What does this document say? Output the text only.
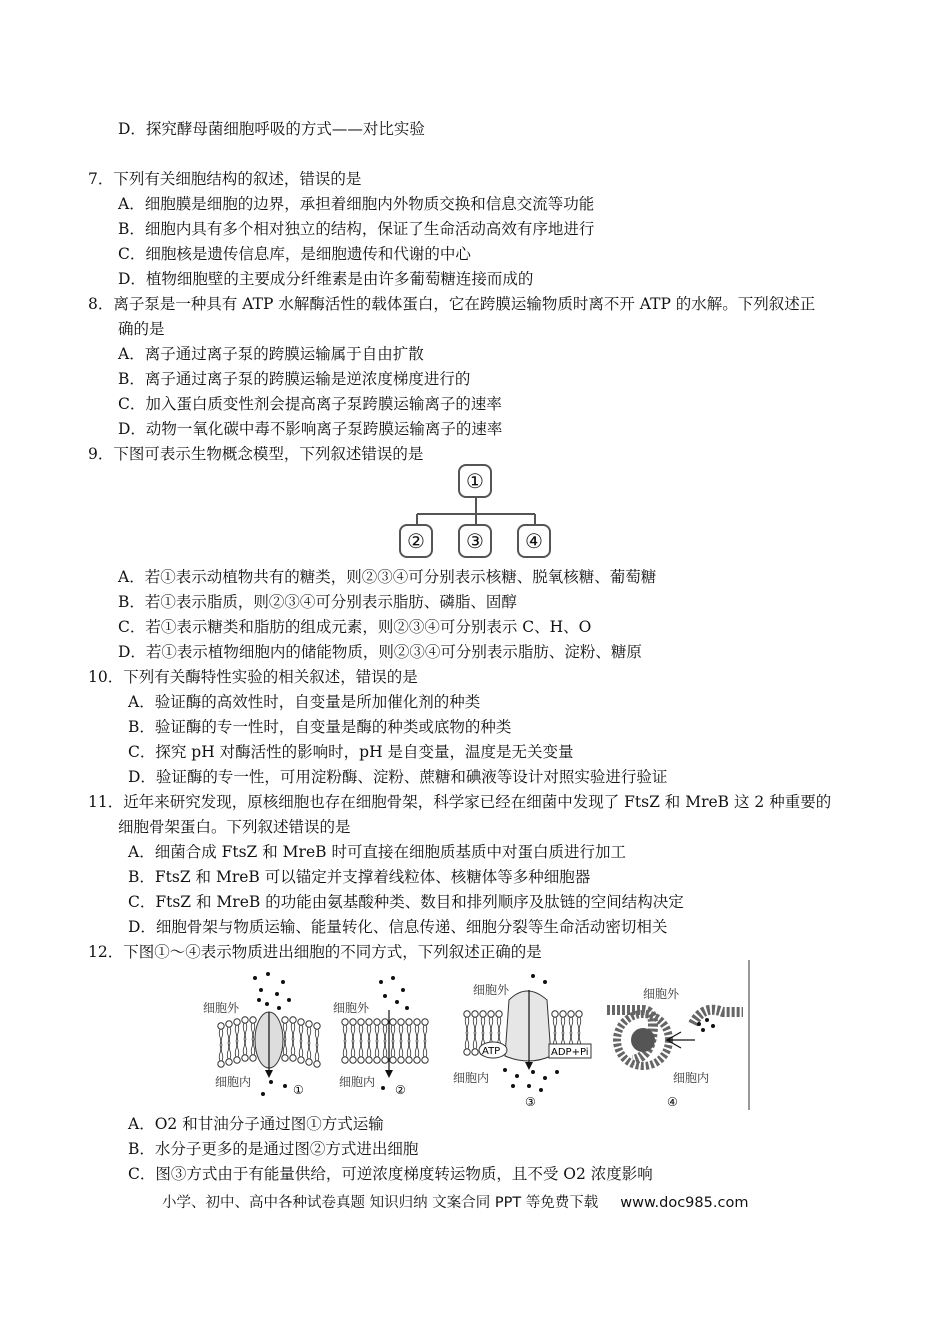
D．探究酵母菌细胞呼吸的方式——对比实验
7．下列有关细胞结构的叙述，错误的是
A．细胞膜是细胞的边界，承担着细胞内外物质交换和信息交流等功能
B．细胞内具有多个相对独立的结构，保证了生命活动高效有序地进行
C．细胞核是遗传信息库，是细胞遗传和代谢的中心
D．植物细胞壁的主要成分纤维素是由许多葡萄糖连接而成的
8．离子泵是一种具有 ATP 水解酶活性的载体蛋白，它在跨膜运输物质时离不开 ATP 的水解。下列叙述正
确的是
A．离子通过离子泵的跨膜运输属于自由扩散
B．离子通过离子泵的跨膜运输是逆浓度梯度进行的
C．加入蛋白质变性剂会提高离子泵跨膜运输离子的速率
D．动物一氧化碳中毒不影响离子泵跨膜运输离子的速率
9．下图可表示生物概念模型，下列叙述错误的是
①
②	③	④
A．若①表示动植物共有的糖类，则②③④可分别表示核糖、脱氧核糖、葡萄糖
B．若①表示脂质，则②③④可分别表示脂肪、磷脂、固醇
C．若①表示糖类和脂肪的组成元素，则②③④可分别表示 C、H、O
D．若①表示植物细胞内的储能物质，则②③④可分别表示脂肪、淀粉、糖原
10．下列有关酶特性实验的相关叙述，错误的是
A．验证酶的高效性时，自变量是所加催化剂的种类
B．验证酶的专一性时，自变量是酶的种类或底物的种类
C．探究 pH 对酶活性的影响时，pH 是自变量，温度是无关变量
D．验证酶的专一性，可用淀粉酶、淀粉、蔗糖和碘液等设计对照实验进行验证
11．近年来研究发现，原核细胞也存在细胞骨架，科学家已经在细菌中发现了 FtsZ 和 MreB 这 2 种重要的
细胞骨架蛋白。下列叙述错误的是
A．细菌合成 FtsZ 和 MreB 时可直接在细胞质基质中对蛋白质进行加工
B．FtsZ 和 MreB 可以锚定并支撑着线粒体、核糖体等多种细胞器
C．FtsZ 和 MreB 的功能由氨基酸种类、数目和排列顺序及肽链的空间结构决定
D．细胞骨架与物质运输、能量转化、信息传递、细胞分裂等生命活动密切相关
12．下图①～④表示物质进出细胞的不同方式，下列叙述正确的是
细胞外
细胞内
①
细胞外
细胞内
②
细胞外
细胞内
ATP	ADP+Pi
③
细胞外
细胞内
④
A．O2 和甘油分子通过图①方式运输
B．水分子更多的是通过图②方式进出细胞
C．图③方式由于有能量供给，可逆浓度梯度转运物质，且不受 O2 浓度影响
小学、初中、高中各种试卷真题 知识归纳 文案合同 PPT 等免费下载 www.doc985.com
